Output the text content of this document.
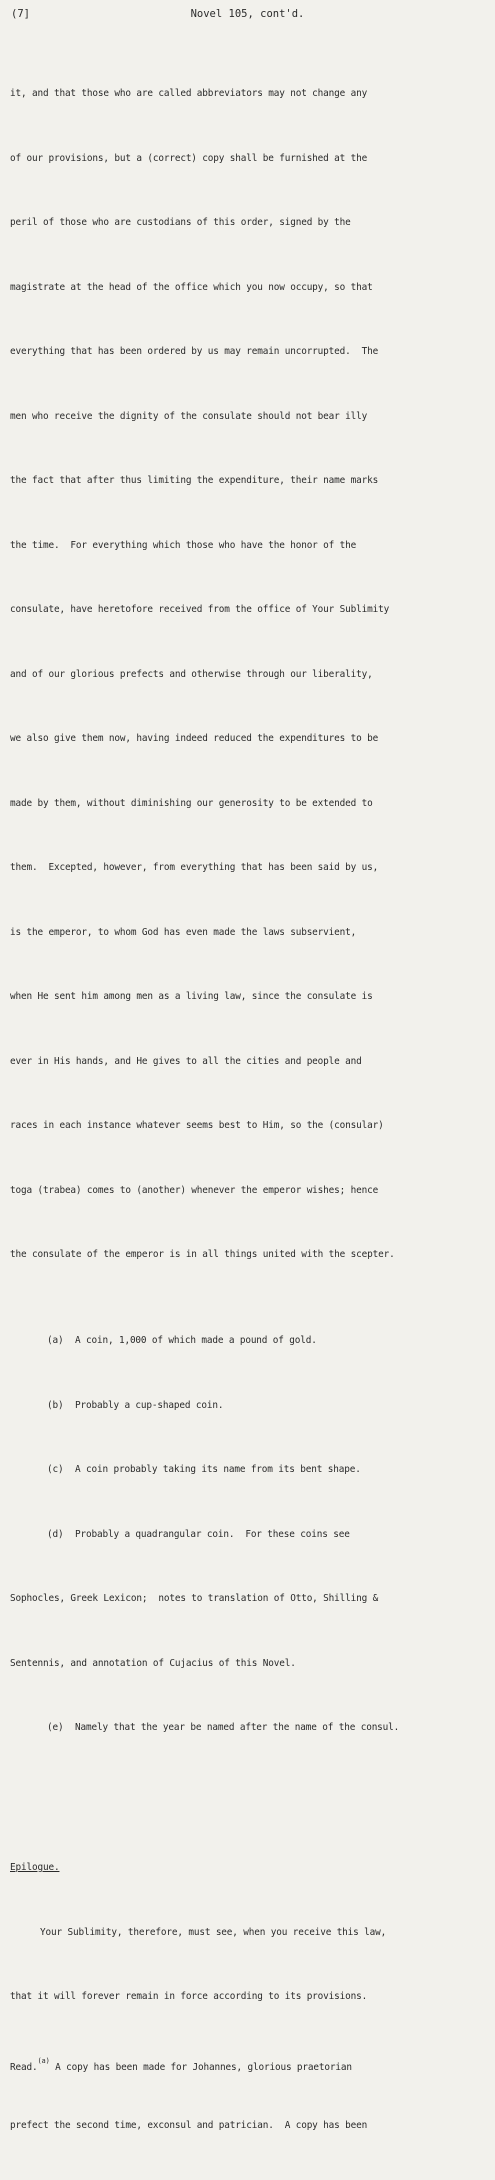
(7]	Novel 105, cont'd.

it, and that those who are called abbreviators may not change any

of our provisions, but a (correct) copy shall be furnished at the

peril of those who are custodians of this order, signed by the

magistrate at the head of the office which you now occupy, so that

everything that has been ordered by us may remain uncorrupted.  The

men who receive the dignity of the consulate should not bear illy

the fact that after thus limiting the expenditure, their name marks

the time.  For everything which those who have the honor of the

consulate, have heretofore received from the office of Your Sublimity

and of our glorious prefects and otherwise through our liberality,

we also give them now, having indeed reduced the expenditures to be

made by them, without diminishing our generosity to be extended to

them.  Excepted, however, from everything that has been said by us,

is the emperor, to whom God has even made the laws subservient,

when He sent him among men as a living law, since the consulate is

ever in His hands, and He gives to all the cities and people and

races in each instance whatever seems best to Him, so the (consular)

toga (trabea) comes to (another) whenever the emperor wishes; hence

the consulate of the emperor is in all things united with the scepter.

(a) A coin, 1,000 of which made a pound of gold.

(b) Probably a cup-shaped coin.

(c) A coin probably taking its name from its bent shape.

(d) Probably a quadrangular coin.  For these coins see

Sophocles, Greek Lexicon;  notes to translation of Otto, Shilling &

Sentennis, and annotation of Cujacius of this Novel.

(e) Namely that the year be named after the name of the consul.

Epilogue.

Your Sublimity, therefore, must see, when you receive this law,

that it will forever remain in force according to its provisions.

Read.$^{(a)}$ A copy has been made for Johannes, glorious praetorian

prefect the second time, exconsul and patrician.  A copy has been
